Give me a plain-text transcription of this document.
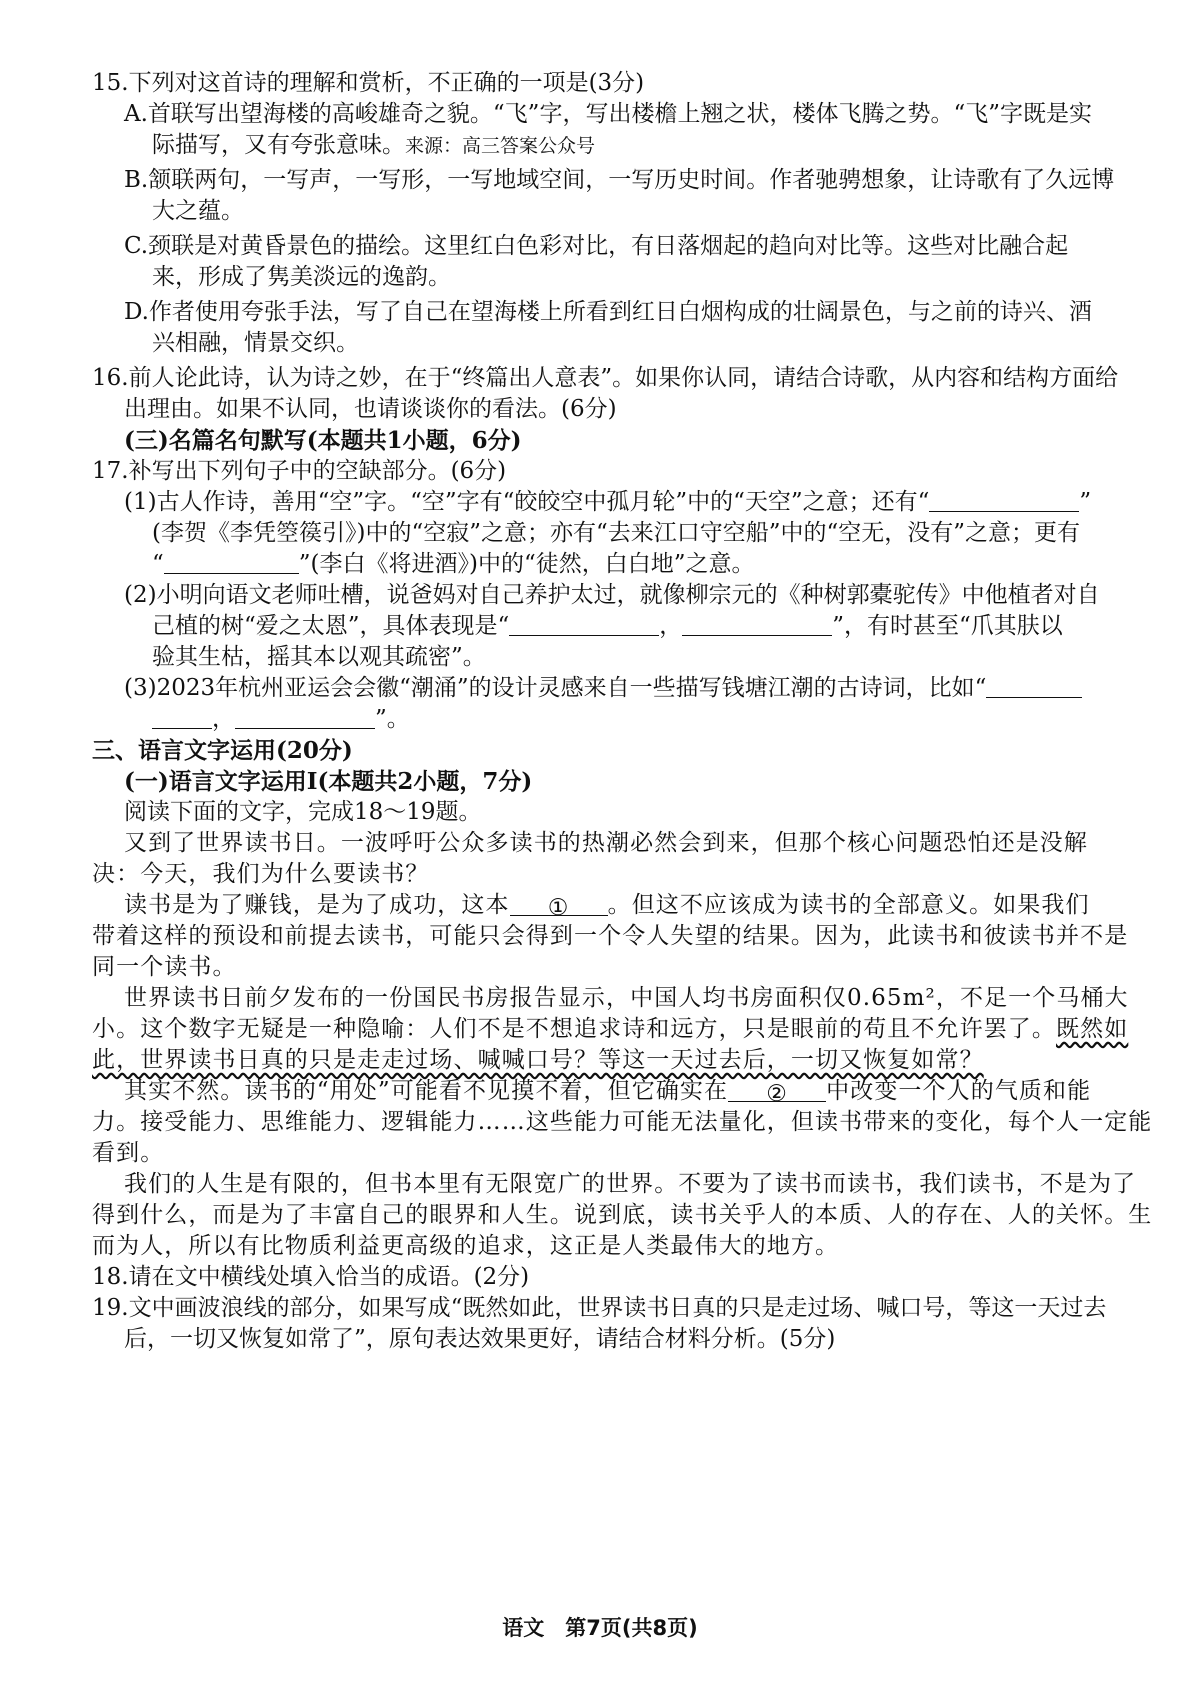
15.下列对这首诗的理解和赏析，不正确的一项是(3分)
A.首联写出望海楼的高峻雄奇之貌。“飞”字，写出楼檐上翘之状，楼体飞腾之势。“飞”字既是实
际描写，又有夸张意味。来源：高三答案公众号
B.颔联两句，一写声，一写形，一写地域空间，一写历史时间。作者驰骋想象，让诗歌有了久远博
大之蕴。
C.颈联是对黄昏景色的描绘。这里红白色彩对比，有日落烟起的趋向对比等。这些对比融合起
来，形成了隽美淡远的逸韵。
D.作者使用夸张手法，写了自己在望海楼上所看到红日白烟构成的壮阔景色，与之前的诗兴、酒
兴相融，情景交织。
16.前人论此诗，认为诗之妙，在于“终篇出人意表”。如果你认同，请结合诗歌，从内容和结构方面给
出理由。如果不认同，也请谈谈你的看法。(6分)
(三)名篇名句默写(本题共1小题，6分)
17.补写出下列句子中的空缺部分。(6分)
(1)古人作诗，善用“空”字。“空”字有“皎皎空中孤月轮”中的“天空”之意；还有“	”
(李贺《李凭箜篌引》)中的“空寂”之意；亦有“去来江口守空船”中的“空无，没有”之意；更有
“	”(李白《将进酒》)中的“徒然，白白地”之意。
(2)小明向语文老师吐槽，说爸妈对自己养护太过，就像柳宗元的《种树郭橐驼传》中他植者对自
己植的树“爱之太恩”，具体表现是“	，	”，有时甚至“爪其肤以
验其生枯，摇其本以观其疏密”。
(3)2023年杭州亚运会会徽“潮涌”的设计灵感来自一些描写钱塘江潮的古诗词，比如“
，	”。
三、语言文字运用(20分)
(一)语言文字运用Ⅰ(本题共2小题，7分)
阅读下面的文字，完成18～19题。
又到了世界读书日。一波呼吁公众多读书的热潮必然会到来，但那个核心问题恐怕还是没解
决：今天，我们为什么要读书？
读书是为了赚钱，是为了成功，这本 ① 。但这不应该成为读书的全部意义。如果我们
带着这样的预设和前提去读书，可能只会得到一个令人失望的结果。因为，此读书和彼读书并不是
同一个读书。
世界读书日前夕发布的一份国民书房报告显示，中国人均书房面积仅0.65m²，不足一个马桶大
小。这个数字无疑是一种隐喻：人们不是不想追求诗和远方，只是眼前的苟且不允许罢了。既然如
此，世界读书日真的只是走走过场、喊喊口号？等这一天过去后，一切又恢复如常？
其实不然。读书的“用处”可能看不见摸不着，但它确实在 ② 中改变一个人的气质和能
力。接受能力、思维能力、逻辑能力……这些能力可能无法量化，但读书带来的变化，每个人一定能
看到。
我们的人生是有限的，但书本里有无限宽广的世界。不要为了读书而读书，我们读书，不是为了
得到什么，而是为了丰富自己的眼界和人生。说到底，读书关乎人的本质、人的存在、人的关怀。生
而为人，所以有比物质利益更高级的追求，这正是人类最伟大的地方。
18.请在文中横线处填入恰当的成语。(2分)
19.文中画波浪线的部分，如果写成“既然如此，世界读书日真的只是走过场、喊口号，等这一天过去
后，一切又恢复如常了”，原句表达效果更好，请结合材料分析。(5分)
语文　第7页(共8页)
